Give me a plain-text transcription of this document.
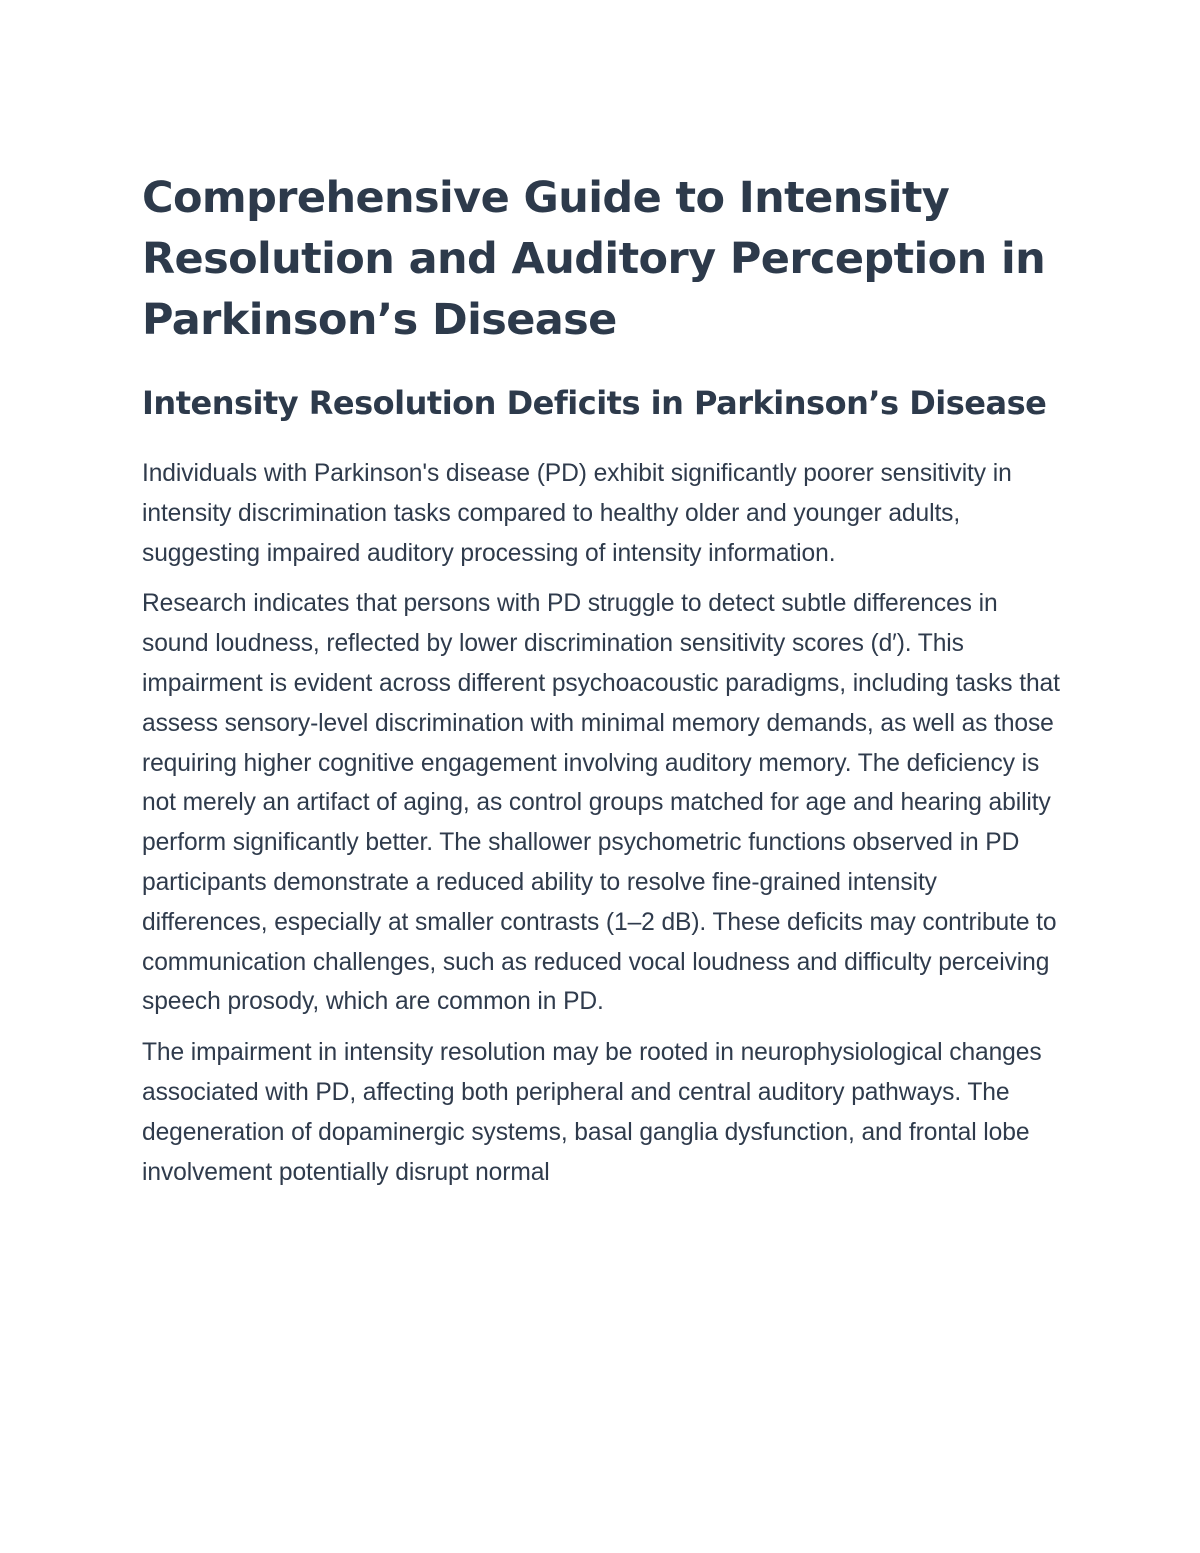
Comprehensive Guide to Intensity Resolution and Auditory Perception in Parkinson’s Disease
Intensity Resolution Deficits in Parkinson’s Disease

Individuals with Parkinson's disease (PD) exhibit significantly poorer sensitivity in intensity discrimination tasks compared to healthy older and younger adults, suggesting impaired auditory processing of intensity information.

Research indicates that persons with PD struggle to detect subtle differences in sound loudness, reflected by lower discrimination sensitivity scores (d′). This impairment is evident across different psychoacoustic paradigms, including tasks that assess sensory-level discrimination with minimal memory demands, as well as those requiring higher cognitive engagement involving auditory memory. The deficiency is not merely an artifact of aging, as control groups matched for age and hearing ability perform significantly better. The shallower psychometric functions observed in PD participants demonstrate a reduced ability to resolve fine-grained intensity differences, especially at smaller contrasts (1–2 dB). These deficits may contribute to communication challenges, such as reduced vocal loudness and difficulty perceiving speech prosody, which are common in PD.

The impairment in intensity resolution may be rooted in neurophysiological changes associated with PD, affecting both peripheral and central auditory pathways. The degeneration of dopaminergic systems, basal ganglia dysfunction, and frontal lobe involvement potentially disrupt normal
